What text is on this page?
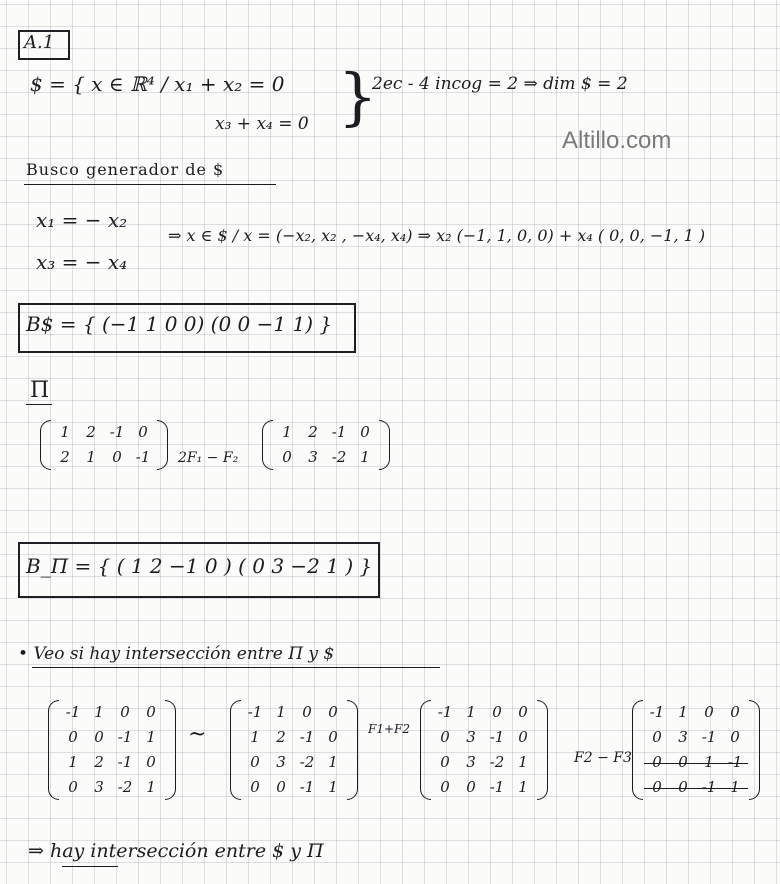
Altillo.com
A.1
$ = { x ∈ ℝ⁴ / x₁ + x₂ = 0
x₃ + x₄ = 0 }
2ec - 4 incog = 2 ⇒ dim $ = 2
Busco generador de $
x₁ = − x₂
x₃ = − x₄
⇒ x ∈ $ / x = (−x₂, x₂ , −x₄, x₄) ⇒ x₂ (−1, 1, 0, 0) + x₄ ( 0, 0, −1, 1 )
B$ = { (−1 1 0 0) (0 0 −1 1) }
Π
1	2 -1 0
2	1	0 -1	2F₁ − F₂
1	2 -1 0
0	3 -2 1
B_Π = { ( 1 2 −1 0 ) ( 0 3 −2 1 ) }
• Veo si hay intersección entre Π y $
-1 1	0	0
0	0 -1 1
1	2 -1 0
0	3 -2 1
~
-1 1	0	0
1	2 -1 0
0	3 -2 1
0	0 -1 1
F1+F2
-1 1	0	0
0	3 -1 0
0	3 -2 1
0	0 -1 1
F2 − F3
-1 1	0	0
0	3 -1 0
0	0	1 -1
0	0 -1 1
⇒ hay intersección entre $ y Π
